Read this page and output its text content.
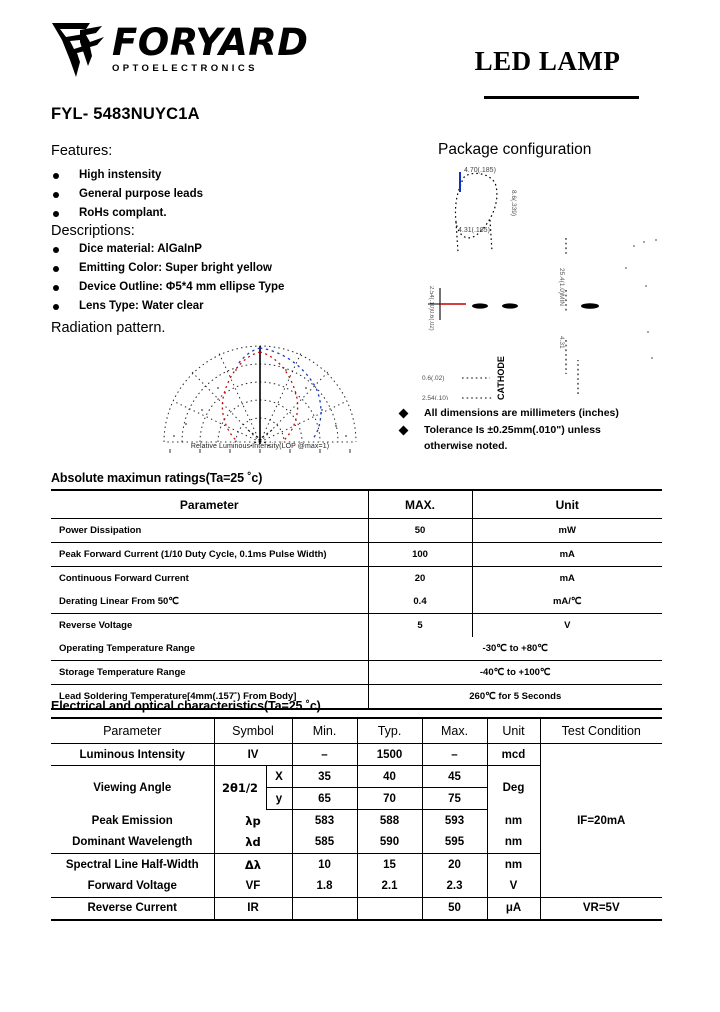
FORYARD
OPTOELECTRONICS	LED LAMP
FYL- 5483NUYC1A
Features:
High instensity
General purpose leads
RoHs complant.
Descriptions:
Dice material: AlGaInP
Emitting Color: Super bright yellow
Device Outline: Φ5*4 mm ellipse Type
Lens Type: Water clear
Radiation pattern.
Relative Luminous Intensity(LOP @max=1)
Package configuration
4.70(.185)
4.31(.185)
8.6(.339)
2.54(.10)
0.6(.02)
0.6(.02)
2.54(.10)	CATHODE
25.4(1.0)MIN
4.31
All dimensions are millimeters (inches)
Tolerance Is ±0.25mm(.010") unless
otherwise noted.
Absolute maximun ratings(Ta=25 ˚c)
Parameter	MAX.	Unit
Power Dissipation	50	mW
Peak Forward Current (1/10 Duty Cycle, 0.1ms Pulse Width)	100	mA
Continuous Forward Current	20	mA
Derating Linear From 50℃	0.4	mA/℃
Reverse Voltage	5	V
Operating Temperature Range	-30℃ to +80℃	
Storage Temperature Range	-40℃ to +100℃	
Lead Soldering Temperature[4mm(.157˚) From Body]	260℃ for 5 Seconds	
Electrical and optical characteristics(Ta=25 ˚c)
Parameter	Symbol		Min.	Typ.	Max.	Unit	Test Condition
Luminous Intensity	IV		–	1500	–	mcd	IF=20mA
Viewing Angle	2θ1/2	X	35	40	45	Deg	
		y	65	70	75		
Peak Emission	λp		583	588	593	nm	
Dominant Wavelength	λd		585	590	595	nm	
Spectral Line Half-Width	Δλ		10	15	20	nm	
Forward Voltage	VF		1.8	2.1	2.3	V	
Reverse Current	IR				50	μA	VR=5V
